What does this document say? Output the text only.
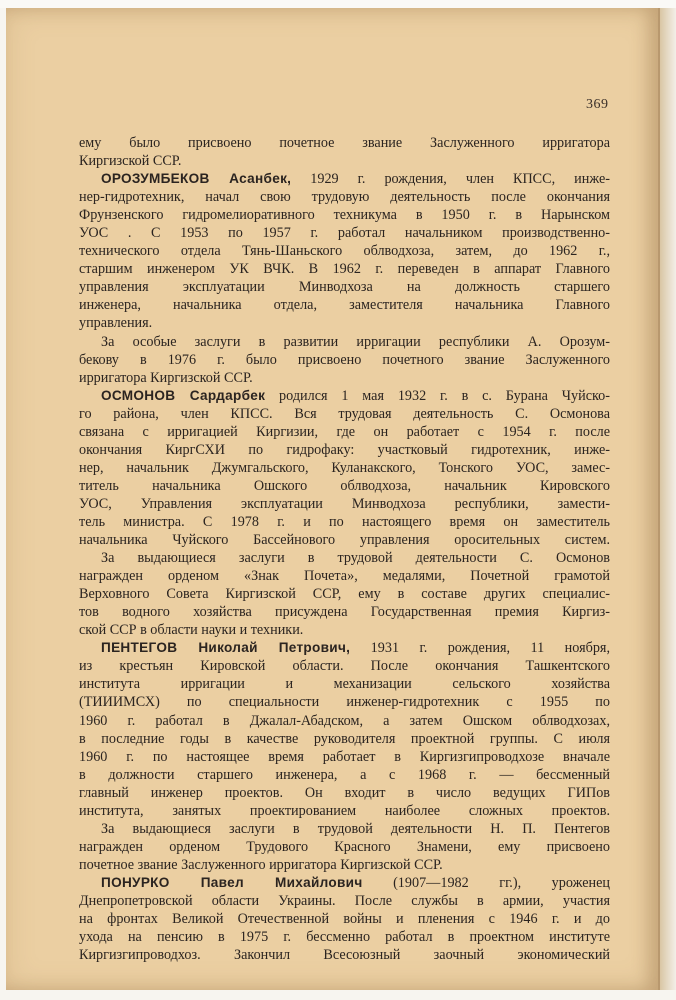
369
ему было присвоено почетное звание Заслуженного ирригатора
Киргизской ССР.
ОРОЗУМБЕКОВ Асанбек, 1929 г. рождения, член КПСС, инже-
нер-гидротехник, начал свою трудовую деятельность после окончания
Фрунзенского гидромелиоративного техникума в 1950 г. в Нарынском
УОС . С 1953 по 1957 г. работал начальником производственно-
технического отдела Тянь-Шаньского облводхоза, затем, до 1962 г.,
старшим инженером УК ВЧК. В 1962 г. переведен в аппарат Главного
управления эксплуатации Минводхоза на должность старшего
инженера, начальника отдела, заместителя начальника Главного
управления.
За особые заслуги в развитии ирригации республики А. Орозум-
бекову в 1976 г. было присвоено почетного звание Заслуженного
ирригатора Киргизской ССР.
ОСМОНОВ Сардарбек родился 1 мая 1932 г. в с. Бурана Чуйско-
го района, член КПСС. Вся трудовая деятельность С. Осмонова
связана с ирригацией Киргизии, где он работает с 1954 г. после
окончания КиргСХИ по гидрофаку: участковый гидротехник, инже-
нер, начальник Джумгальского, Куланакского, Тонского УОС, замес-
титель начальника Ошского облводхоза, начальник Кировского
УОС, Управления эксплуатации Минводхоза республики, замести-
тель министра. С 1978 г. и по настоящего время он заместитель
начальника Чуйского Бассейнового управления оросительных систем.
За выдающиеся заслуги в трудовой деятельности С. Осмонов
награжден орденом «Знак Почета», медалями, Почетной грамотой
Верховного Совета Киргизской ССР, ему в составе других специалис-
тов водного хозяйства присуждена Государственная премия Киргиз-
ской ССР в области науки и техники.
ПЕНТЕГОВ Николай Петрович, 1931 г. рождения, 11 ноября,
из крестьян Кировской области. После окончания Ташкентского
института ирригации и механизации сельского хозяйства
(ТИИИМСХ) по специальности инженер-гидротехник с 1955 по
1960 г. работал в Джалал-Абадском, а затем Ошском облводхозах,
в последние годы в качестве руководителя проектной группы. С июля
1960 г. по настоящее время работает в Киргизгипроводхозе вначале
в должности старшего инженера, а с 1968 г. — бессменный
главный инженер проектов. Он входит в число ведущих ГИПов
института, занятых проектированием наиболее сложных проектов.
За выдающиеся заслуги в трудовой деятельности Н. П. Пентегов
награжден орденом Трудового Красного Знамени, ему присвоено
почетное звание Заслуженного ирригатора Киргизской ССР.
ПОНУРКО Павел Михайлович (1907—1982 гг.), уроженец
Днепропетровской области Украины. После службы в армии, участия
на фронтах Великой Отечественной войны и пленения с 1946 г. и до
ухода на пенсию в 1975 г. бессменно работал в проектном институте
Киргизгипроводхоз. Закончил Всесоюзный заочный экономический
